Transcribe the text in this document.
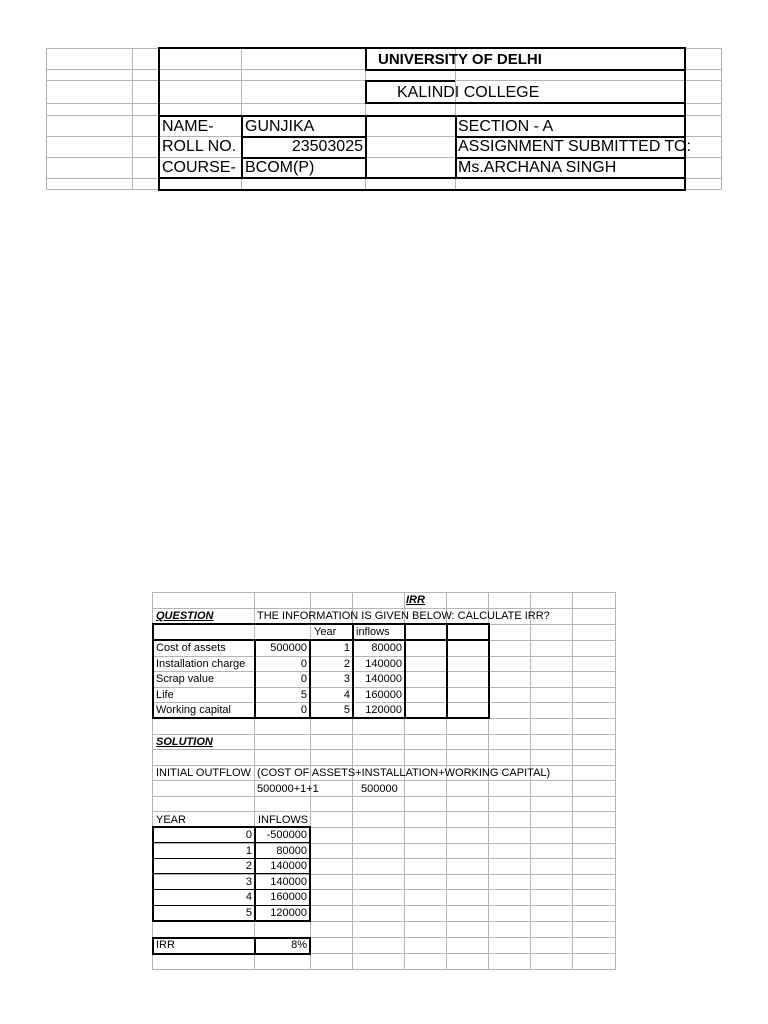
UNIVERSITY OF DELHI
KALINDI COLLEGE
NAME- GUNJIKA	SECTION - A
ROLL NO.	23503025	ASSIGNMENT SUBMITTED TO:
COURSE- BCOM(P)	Ms.ARCHANA SINGH
IRR
QUESTION	THE INFORMATION IS GIVEN BELOW: CALCULATE IRR?
Year inflows
Cost of assets	500000	1	80000
Installation charge	0	2	140000
Scrap value	0	3	140000
Life	5	4	160000
Working capital	0	5	120000
SOLUTION
INITIAL OUTFLOW (COST OF ASSETS+INSTALLATION+WORKING CAPITAL)
500000+1+1	500000
YEAR	INFLOWS
0	-500000
1	80000
2	140000
3	140000
4	160000
5	120000
IRR	8%
